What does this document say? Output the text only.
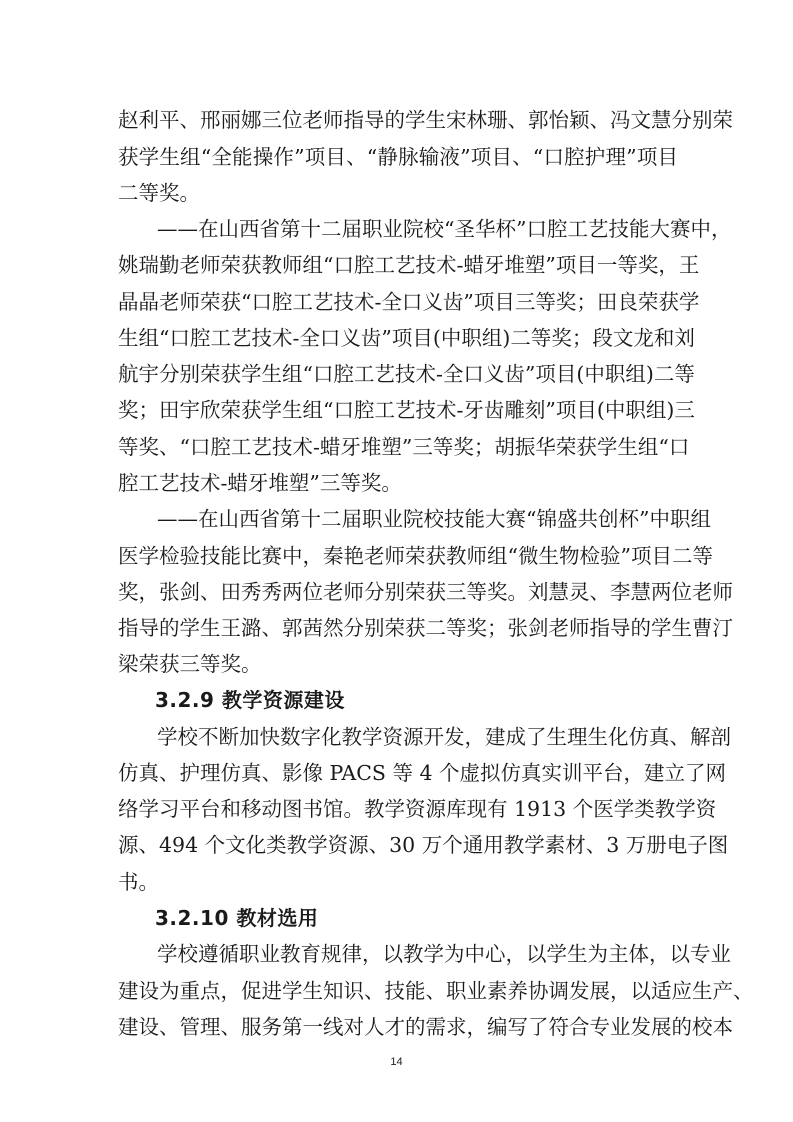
赵利平、邢丽娜三位老师指导的学生宋林珊、郭怡颖、冯文慧分别荣
获学生组“全能操作”项目、“静脉输液”项目、“口腔护理”项目
二等奖。
——在山西省第十二届职业院校“圣华杯”口腔工艺技能大赛中，
姚瑞勤老师荣获教师组“口腔工艺技术-蜡牙堆塑”项目一等奖，王
晶晶老师荣获“口腔工艺技术-全口义齿”项目三等奖；田良荣获学
生组“口腔工艺技术-全口义齿”项目(中职组)二等奖；段文龙和刘
航宇分别荣获学生组“口腔工艺技术-全口义齿”项目(中职组)二等
奖；田宇欣荣获学生组“口腔工艺技术-牙齿雕刻”项目(中职组)三
等奖、“口腔工艺技术-蜡牙堆塑”三等奖；胡振华荣获学生组“口
腔工艺技术-蜡牙堆塑”三等奖。
——在山西省第十二届职业院校技能大赛“锦盛共创杯”中职组
医学检验技能比赛中，秦艳老师荣获教师组“微生物检验”项目二等
奖，张剑、田秀秀两位老师分别荣获三等奖。刘慧灵、李慧两位老师
指导的学生王潞、郭茜然分别荣获二等奖；张剑老师指导的学生曹汀
梁荣获三等奖。
3.2.9 教学资源建设
学校不断加快数字化教学资源开发，建成了生理生化仿真、解剖
仿真、护理仿真、影像 PACS 等 4 个虚拟仿真实训平台，建立了网
络学习平台和移动图书馆。教学资源库现有 1913 个医学类教学资
源、494 个文化类教学资源、30 万个通用教学素材、3 万册电子图
书。
3.2.10 教材选用
学校遵循职业教育规律，以教学为中心，以学生为主体，以专业
建设为重点，促进学生知识、技能、职业素养协调发展，以适应生产、
建设、管理、服务第一线对人才的需求，编写了符合专业发展的校本
14
